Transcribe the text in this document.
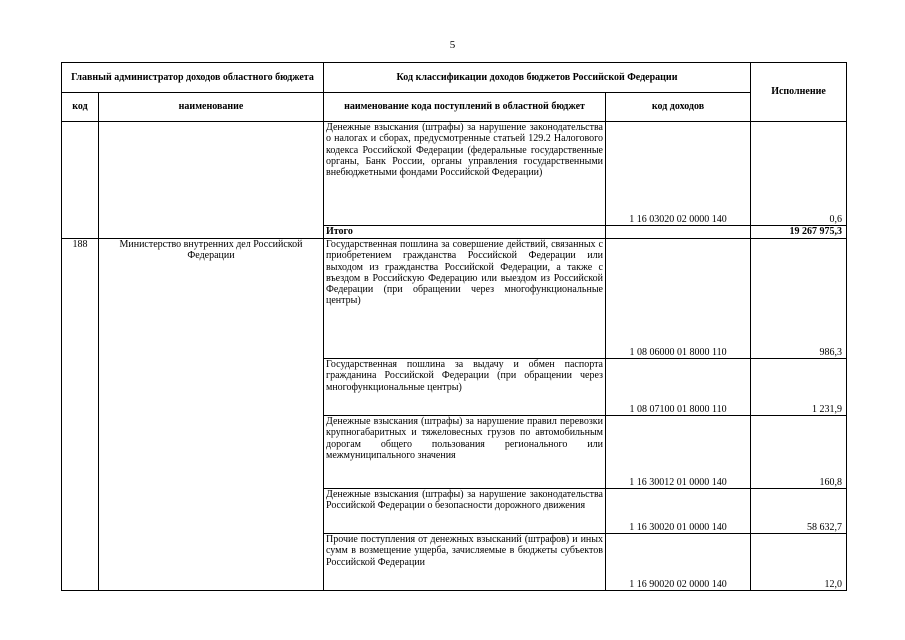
5
Главный администратор доходов областного бюджета		Код классификации доходов бюджетов Российской Федерации		Исполнение
код	наименование	наименование кода поступлений в областной бюджет	код доходов	
		Денежные взыскания (штрафы) за нарушение законодательства о налогах и сборах, предусмотренные статьей 129.2 Налогового кодекса Российской Федерации (федеральные государственные органы, Банк России, органы управления государственными внебюджетными фондами Российской Федерации)	1 16 03020 02 0000 140	0,6
		Итого		19 267 975,3
188	Министерство внутренних дел Российской Федерации	Государственная пошлина за совершение действий, связанных с приобретением гражданства Российской Федерации или выходом из гражданства Российской Федерации, а также с въездом в Российскую Федерацию или выездом из Российской Федерации (при обращении через многофункциональные центры)	1 08 06000 01 8000 110	986,3
		Государственная пошлина за выдачу и обмен паспорта гражданина Российской Федерации (при обращении через многофункциональные центры)	1 08 07100 01 8000 110	1 231,9
		Денежные взыскания (штрафы) за нарушение правил перевозки крупногабаритных и тяжеловесных грузов по автомобильным дорогам общего пользования регионального или межмуниципального значения	1 16 30012 01 0000 140	160,8
		Денежные взыскания (штрафы) за нарушение законодательства Российской Федерации о безопасности дорожного движения	1 16 30020 01 0000 140	58 632,7
		Прочие поступления от денежных взысканий (штрафов) и иных сумм в возмещение ущерба, зачисляемые в бюджеты субъектов Российской Федерации	1 16 90020 02 0000 140	12,0
